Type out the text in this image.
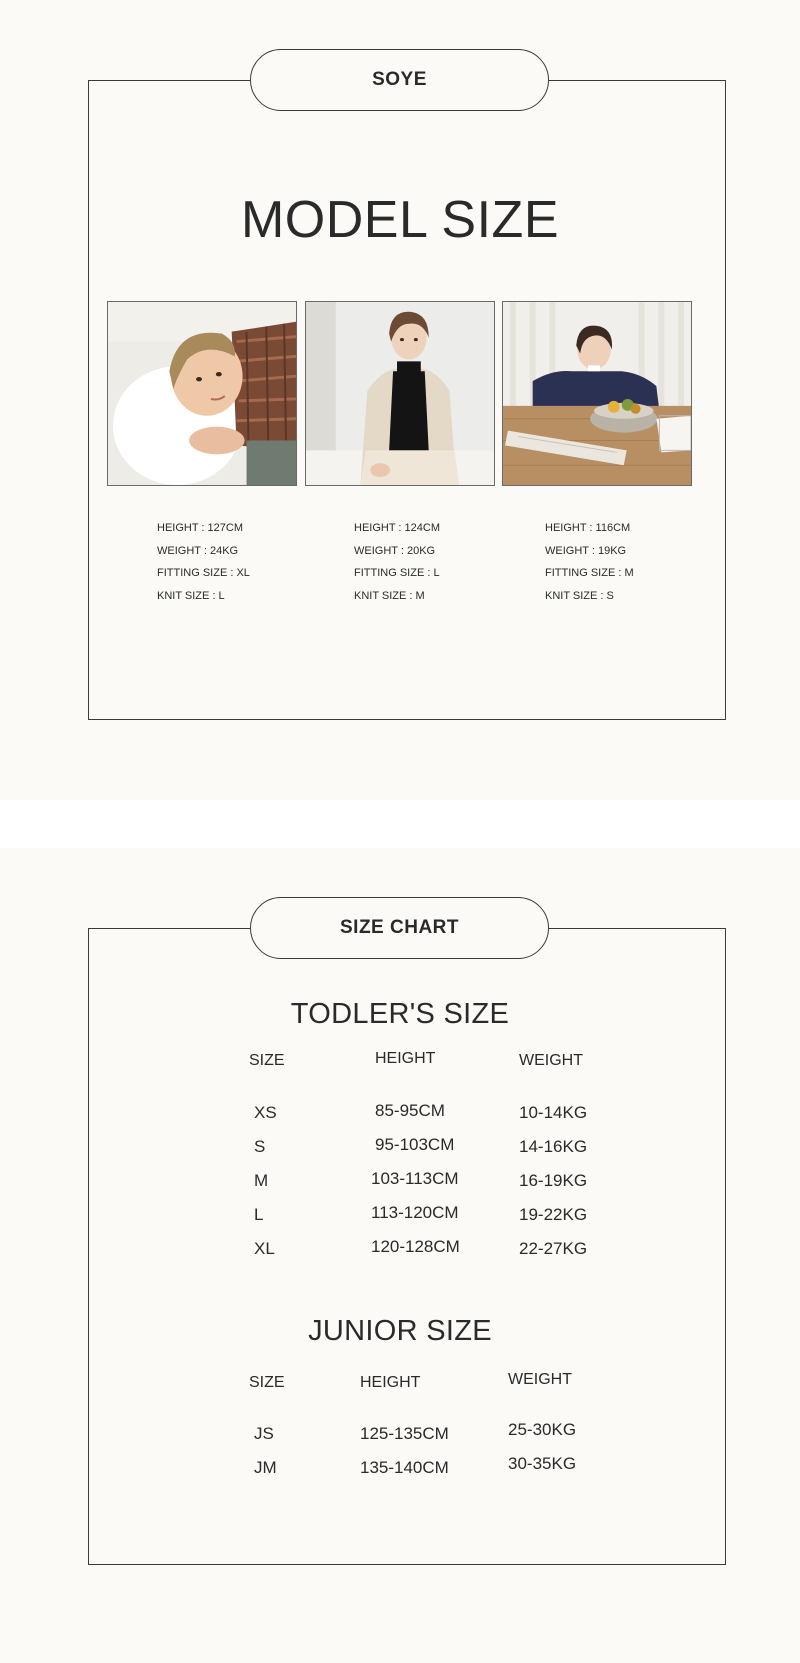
SOYE
MODEL SIZE
HEIGHT : 127CM
WEIGHT : 24KG
FITTING SIZE : XL
KNIT SIZE : L
HEIGHT : 124CM
WEIGHT : 20KG
FITTING SIZE : L
KNIT SIZE : M
HEIGHT : 116CM
WEIGHT : 19KG
FITTING SIZE : M
KNIT SIZE : S
SIZE CHART
TODLER'S SIZE
SIZE	HEIGHT	WEIGHT
XS	85-95CM	10-14KG
S	95-103CM	14-16KG
M	103-113CM	16-19KG
L	113-120CM	19-22KG
XL	120-128CM	22-27KG
JUNIOR SIZE
SIZE	HEIGHT	WEIGHT
JS	125-135CM	25-30KG
JM	135-140CM	30-35KG
